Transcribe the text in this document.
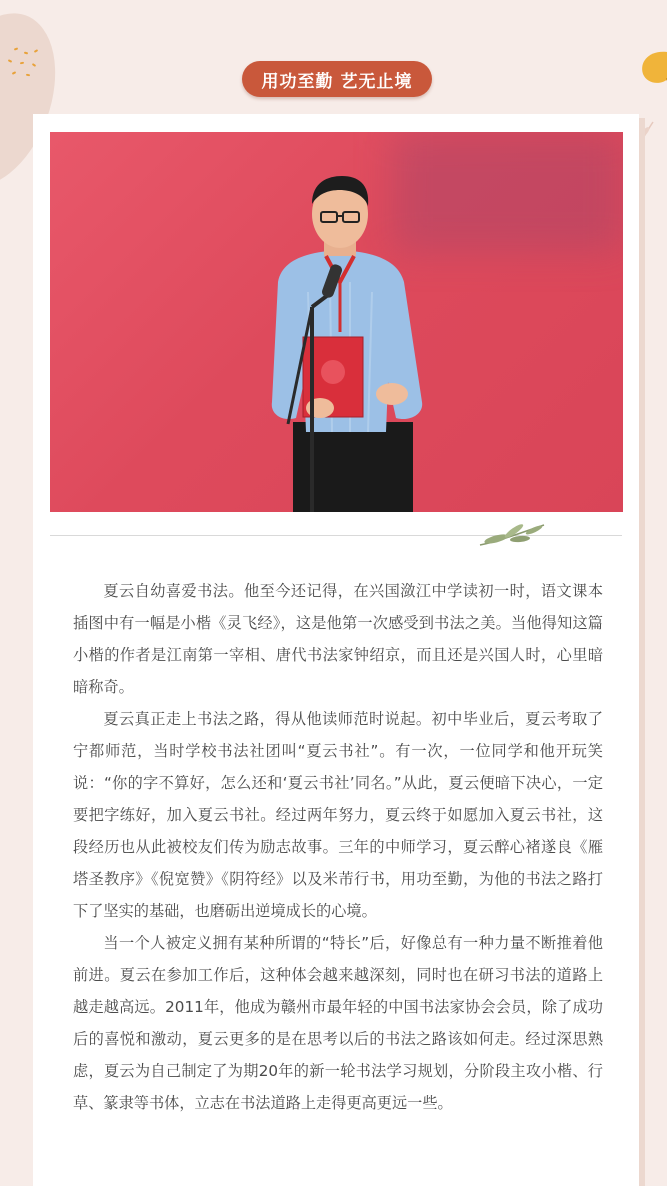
用功至勤 艺无止境

夏云自幼喜爱书法。他至今还记得，在兴国潋江中学读初一时，语文课本插图中有一幅是小楷《灵飞经》，这是他第一次感受到书法之美。当他得知这篇小楷的作者是江南第一宰相、唐代书法家钟绍京，而且还是兴国人时，心里暗暗称奇。

夏云真正走上书法之路，得从他读师范时说起。初中毕业后，夏云考取了宁都师范，当时学校书法社团叫“夏云书社”。有一次，一位同学和他开玩笑说：“你的字不算好，怎么还和‘夏云书社’同名。”从此，夏云便暗下决心，一定要把字练好，加入夏云书社。经过两年努力，夏云终于如愿加入夏云书社，这段经历也从此被校友们传为励志故事。三年的中师学习，夏云醉心褚遂良《雁塔圣教序》《倪宽赞》《阴符经》以及米芾行书，用功至勤，为他的书法之路打下了坚实的基础，也磨砺出逆境成长的心境。

当一个人被定义拥有某种所谓的“特长”后，好像总有一种力量不断推着他前进。夏云在参加工作后，这种体会越来越深刻，同时也在研习书法的道路上越走越高远。2011年，他成为赣州市最年轻的中国书法家协会会员，除了成功后的喜悦和激动，夏云更多的是在思考以后的书法之路该如何走。经过深思熟虑，夏云为自己制定了为期20年的新一轮书法学习规划，分阶段主攻小楷、行草、篆隶等书体，立志在书法道路上走得更高更远一些。
